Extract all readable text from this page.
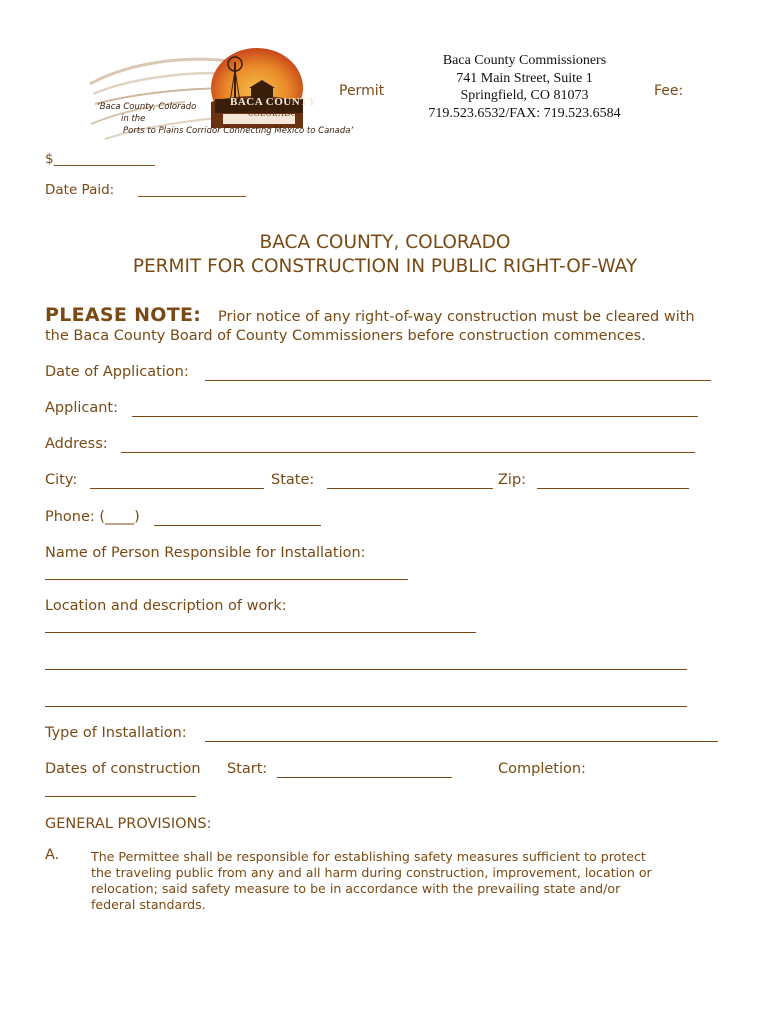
BACA COUNTY
COLORADO
‘Baca County, Colorado
in the
Ports to Plains Corridor Connecting Mexico to Canada’
Permit	Fee:
Baca County Commissioners
741 Main Street, Suite 1
Springfield, CO 81073
719.523.6532/FAX: 719.523.6584
$_______________
Date Paid: ________________
BACA COUNTY, COLORADO
PERMIT FOR CONSTRUCTION IN PUBLIC RIGHT-OF-WAY
PLEASE NOTE: Prior notice of any right-of-way construction must be cleared with
the Baca County Board of County Commissioners before construction commences.
Date of Application:
Applicant:
Address:
City:	State:	Zip:
Phone: (____)
Name of Person Responsible for Installation:
Location and description of work:
Type of Installation:
Dates of construction Start:	Completion:
GENERAL PROVISIONS:
A.	The Permittee shall be responsible for establishing safety measures sufficient to protect
the traveling public from any and all harm during construction, improvement, location or
relocation; said safety measure to be in accordance with the prevailing state and/or
federal standards.
